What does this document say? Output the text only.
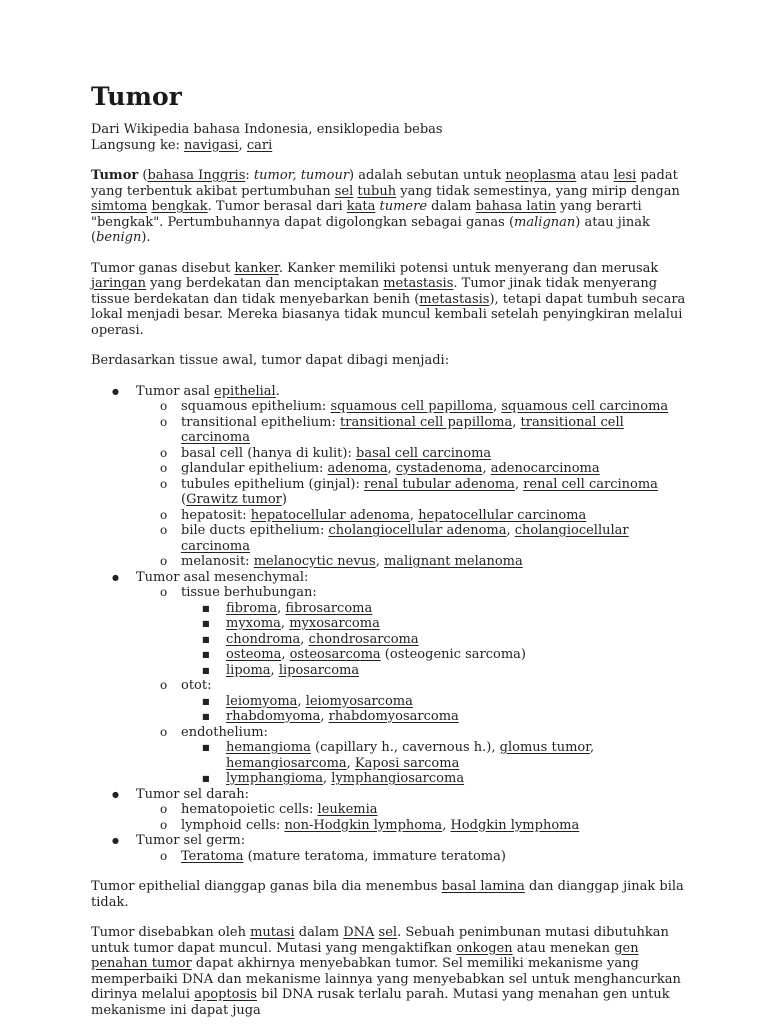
Tumor
Dari Wikipedia bahasa Indonesia, ensiklopedia bebas
Langsung ke: navigasi, cari

Tumor (bahasa Inggris: tumor, tumour) adalah sebutan untuk neoplasma atau lesi padat yang terbentuk akibat pertumbuhan sel tubuh yang tidak semestinya, yang mirip dengan simtoma bengkak. Tumor berasal dari kata tumere dalam bahasa latin yang berarti "bengkak". Pertumbuhannya dapat digolongkan sebagai ganas (malignan) atau jinak (benign).

Tumor ganas disebut kanker. Kanker memiliki potensi untuk menyerang dan merusak jaringan yang berdekatan dan menciptakan metastasis. Tumor jinak tidak menyerang tissue berdekatan dan tidak menyebarkan benih (metastasis), tetapi dapat tumbuh secara lokal menjadi besar. Mereka biasanya tidak muncul kembali setelah penyingkiran melalui operasi.

Berdasarkan tissue awal, tumor dapat dibagi menjadi:

● Tumor asal epithelial.
o squamous epithelium: squamous cell papilloma, squamous cell carcinoma
o transitional epithelium: transitional cell papilloma, transitional cell carcinoma
o basal cell (hanya di kulit): basal cell carcinoma
o glandular epithelium: adenoma, cystadenoma, adenocarcinoma
o tubules epithelium (ginjal): renal tubular adenoma, renal cell carcinoma (Grawitz tumor)
o hepatosit: hepatocellular adenoma, hepatocellular carcinoma
o bile ducts epithelium: cholangiocellular adenoma, cholangiocellular carcinoma
o melanosit: melanocytic nevus, malignant melanoma
● Tumor asal mesenchymal:
o tissue berhubungan:
■ fibroma, fibrosarcoma
■ myxoma, myxosarcoma
■ chondroma, chondrosarcoma
■ osteoma, osteosarcoma (osteogenic sarcoma)
■ lipoma, liposarcoma
o otot:
■ leiomyoma, leiomyosarcoma
■ rhabdomyoma, rhabdomyosarcoma
o endothelium:
■ hemangioma (capillary h., cavernous h.), glomus tumor, hemangiosarcoma, Kaposi sarcoma
■ lymphangioma, lymphangiosarcoma
● Tumor sel darah:
o hematopoietic cells: leukemia
o lymphoid cells: non-Hodgkin lymphoma, Hodgkin lymphoma
● Tumor sel germ:
o Teratoma (mature teratoma, immature teratoma)

Tumor epithelial dianggap ganas bila dia menembus basal lamina dan dianggap jinak bila tidak.

Tumor disebabkan oleh mutasi dalam DNA sel. Sebuah penimbunan mutasi dibutuhkan untuk tumor dapat muncul. Mutasi yang mengaktifkan onkogen atau menekan gen penahan tumor dapat akhirnya menyebabkan tumor. Sel memiliki mekanisme yang memperbaiki DNA dan mekanisme lainnya yang menyebabkan sel untuk menghancurkan dirinya melalui apoptosis bil DNA rusak terlalu parah. Mutasi yang menahan gen untuk mekanisme ini dapat juga
